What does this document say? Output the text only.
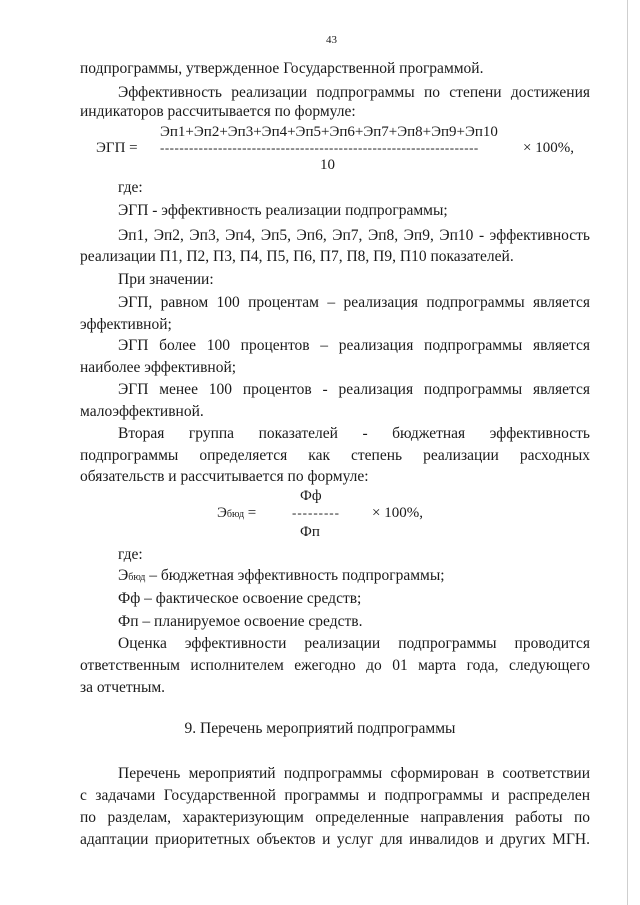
43
подпрограммы, утвержденное Государственной программой.
Эффективность реализации подпрограммы по степени достижения
индикаторов рассчитывается по формуле:
Эп1+Эп2+Эп3+Эп4+Эп5+Эп6+Эп7+Эп8+Эп9+Эп10
ЭГП = ------------------------------------------------------------------	× 100%,
10
где:
ЭГП - эффективность реализации подпрограммы;
Эп1, Эп2, Эп3, Эп4, Эп5, Эп6, Эп7, Эп8, Эп9, Эп10 - эффективность
реализации П1, П2, П3, П4, П5, П6, П7, П8, П9, П10 показателей.
При значении:
ЭГП, равном 100 процентам – реализация подпрограммы является
эффективной;
ЭГП более 100 процентов – реализация подпрограммы является
наиболее эффективной;
ЭГП менее 100 процентов - реализация подпрограммы является
малоэффективной.
Вторая группа показателей - бюджетная эффективность
подпрограммы определяется как степень реализации расходных
обязательств и рассчитывается по формуле:
Фф
Эбюд =	--------- × 100%,
Фп
где:
Эбюд – бюджетная эффективность подпрограммы;
Фф – фактическое освоение средств;
Фп – планируемое освоение средств.
Оценка эффективности реализации подпрограммы проводится
ответственным исполнителем ежегодно до 01 марта года, следующего
за отчетным.
9. Перечень мероприятий подпрограммы
Перечень мероприятий подпрограммы сформирован в соответствии
с задачами Государственной программы и подпрограммы и распределен
по разделам, характеризующим определенные направления работы по
адаптации приоритетных объектов и услуг для инвалидов и других МГН.
